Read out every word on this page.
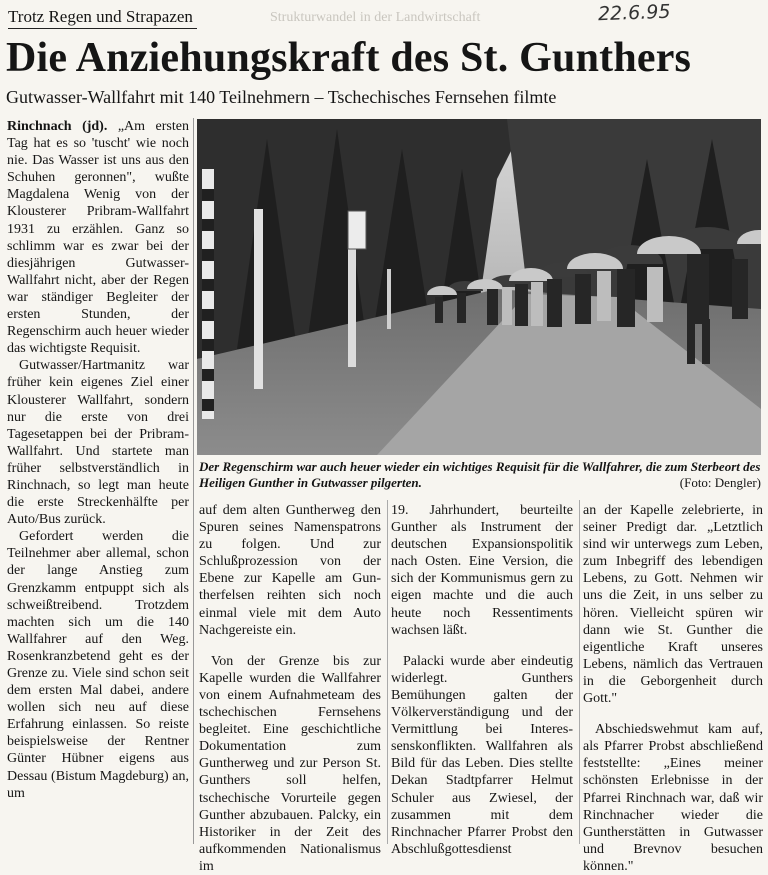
Strukturwandel in der Landwirtschaft
Trotz Regen und Strapazen	22.6.95
Die Anziehungskraft des St. Gunthers
Gutwasser-Wallfahrt mit 140 Teilnehmern – Tschechisches Fernsehen filmte

Rinchnach (jd). „Am ersten Tag hat es so 'tuscht' wie noch nie. Das Wasser ist uns aus den Schuhen geronnen", wußte Magdalena Wenig von der Klousterer Pribram-Wallfahrt 1931 zu erzählen. Ganz so schlimm war es zwar bei der diesjährigen Gutwasser-Wallfahrt nicht, aber der Regen war ständiger Begleiter der ersten Stunden, der Regenschirm auch heuer wieder das wichtigste Requisit.

Gutwasser/Hartmanitz war früher kein eigenes Ziel einer Klousterer Wallfahrt, sondern nur die erste von drei Tagesetappen bei der Pribram-Wallfahrt. Und startete man früher selbstverständlich in Rinchnach, so legt man heute die erste Streckenhälfte per Auto/Bus zurück.

Gefordert werden die Teilnehmer aber allemal, schon der lange Anstieg zum Grenzkamm entpuppt sich als schweißtreibend. Trotzdem machten sich um die 140 Wallfahrer auf den Weg. Rosenkranzbetend geht es der Grenze zu. Viele sind schon seit dem ersten Mal dabei, andere wollen sich neu auf diese Erfahrung einlassen. So reiste beispielsweise der Rentner Günter Hübner eigens aus Dessau (Bistum Magdeburg) an, um

Der Regenschirm war auch heuer wieder ein wichtiges Requisit für die Wallfahrer, die zum Sterbeort des Heiligen Gunther in Gutwasser pilgerten.	(Foto: Dengler)

auf dem alten Guntherweg den Spuren seines Namenspatrons zu folgen. Und zur Schlußprozession von der Ebene zur Kapelle am Guntherfelsen reihten sich noch einmal viele mit dem Auto Nachgereiste ein.

Von der Grenze bis zur Kapelle wurden die Wallfahrer von einem Aufnahmeteam des tschechischen Fernsehens begleitet. Eine geschichtliche Dokumentation zum Guntherweg und zur Person St. Gunthers soll helfen, tschechische Vorurteile gegen Gunther abzubauen. Palcky, ein Historiker in der Zeit des aufkommenden Nationalismus im

19. Jahrhundert, beurteilte Gunther als Instrument der deutschen Expansionspolitik nach Osten. Eine Version, die sich der Kommunismus gern zu eigen machte und die auch heute noch Ressentiments wachsen läßt.

Palacki wurde aber eindeutig widerlegt. Gunthers Bemühungen galten der Völkerverständigung und der Vermittlung bei Interessenskonflikten. Wallfahren als Bild für das Leben. Dies stellte Dekan Stadtpfarrer Helmut Schuler aus Zwiesel, der zusammen mit dem Rinchnacher Pfarrer Probst den Abschlußgottesdienst

an der Kapelle zelebrierte, in seiner Predigt dar. „Letztlich sind wir unterwegs zum Leben, zum Inbegriff des lebendigen Lebens, zu Gott. Nehmen wir uns die Zeit, in uns selber zu hören. Vielleicht spüren wir dann wie St. Gunther die eigentliche Kraft unseres Lebens, nämlich das Vertrauen in die Geborgenheit durch Gott."

Abschiedswehmut kam auf, als Pfarrer Probst abschließend feststellte: „Eines meiner schönsten Erlebnisse in der Pfarrei Rinchnach war, daß wir Rinchnacher wieder die Guntherstätten in Gutwasser und Brevnov besuchen können."
